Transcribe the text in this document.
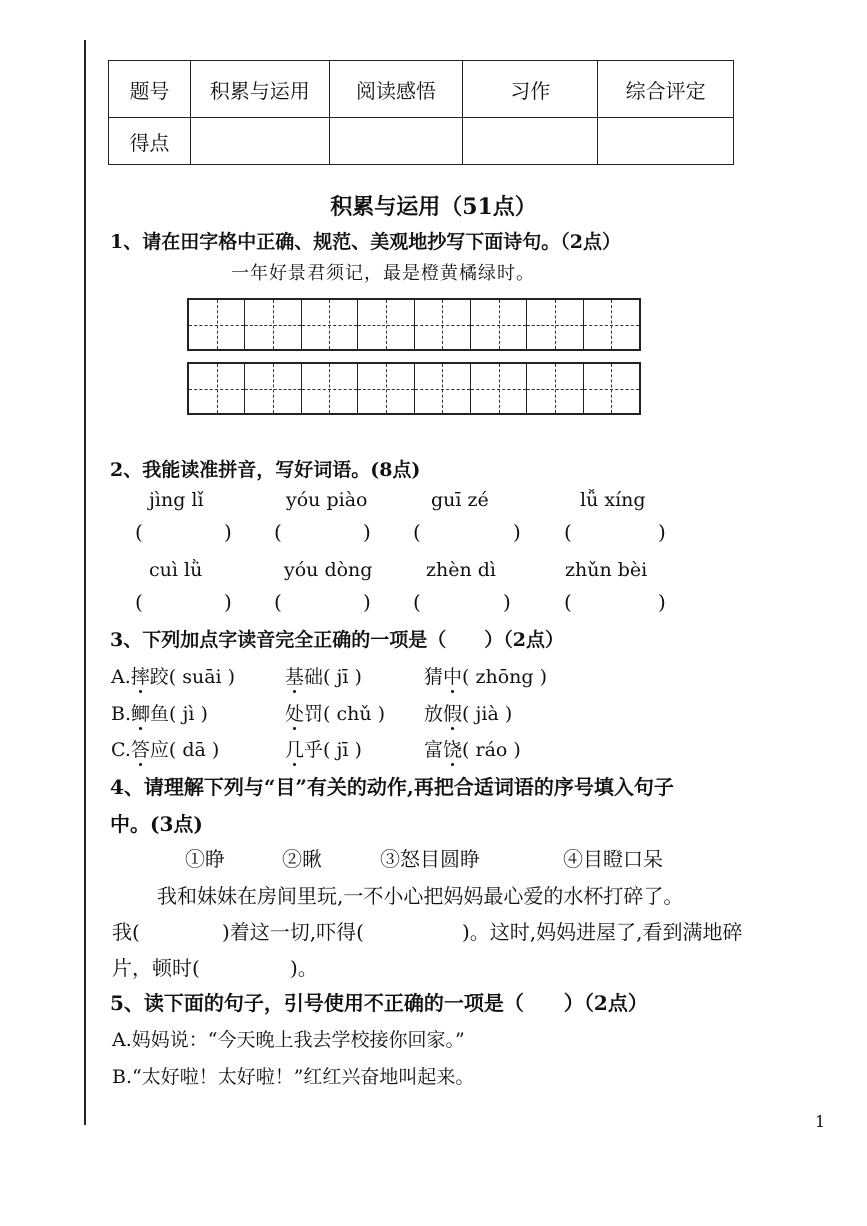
题号	积累与运用	阅读感悟	习作	综合评定
得点				
积累与运用（51点）
1、请在田字格中正确、规范、美观地抄写下面诗句。（2点）
一年好景君须记，最是橙黄橘绿时。
2、我能读准拼音，写好词语。(8点)
jìng lǐ	yóu piào	guī zé	lǚ xíng
(	) (	) (	) (	)
cuì lǜ	yóu dòng	zhèn dì	zhǔn bèi
(	) (	) (	)	(	)
3、下列加点字读音完全正确的一项是（　　）（2点）
A.摔跤( suāi )	基础( jī )	猜中( zhōng )
B.鲫鱼( jì )	处罚( chǔ ) 放假( jià )
C.答应( dā )	几乎( jī )	富饶( ráo )
4、请理解下列与“目”有关的动作,再把合适词语的序号填入句子
中。(3点)
①睁	②瞅	③怒目圆睁	④目瞪口呆
我和妹妹在房间里玩,一不小心把妈妈最心爱的水杯打碎了。
我(	)着这一切,吓得(	)。这时,妈妈进屋了,看到满地碎
片，顿时(	)。
5、读下面的句子，引号使用不正确的一项是（　　）（2点）
A.妈妈说：“今天晚上我去学校接你回家。”
B.“太好啦！太好啦！”红红兴奋地叫起来。
1
